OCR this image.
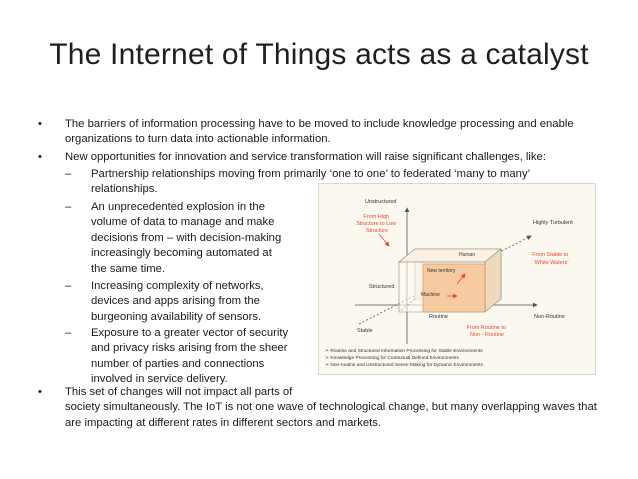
The Internet of Things acts as a catalyst
• The barriers of information processing have to be moved to include knowledge processing and enable
organizations to turn data into actionable information.
• New opportunities for innovation and service transformation will raise significant challenges, like:
– Partnership relationships moving from primarily ‘one to one’ to federated ‘many to many’
relationships.
– An unprecedented explosion in the
volume of data to manage and make
decisions from – with decision-making
increasingly becoming automated at
the same time.
– Increasing complexity of networks,
devices and apps arising from the
burgeoning availability of sensors.
– Exposure to a greater vector of security
and privacy risks arising from the sheer
number of parties and connections
involved in service delivery.
• This set of changes will not impact all parts of
society simultaneously. The IoT is not one wave of technological change, but many overlapping waves that
are impacting at different rates in different sectors and markets.
Unstructured
Structured
Stable
Routine	Non-Routine
Highly Turbulent
From High Structure to Low Structure
From Stable to ‘White Waters’
From Routine to Non - Routine
Human
New territory
Machine
➢ Routine and Structured Information Processing for Stable Environments
➢ Knowledge Processing for Contextual Defined Environments
➢ Non-routine and Unstructured Sense Making for Dynamic Environments
